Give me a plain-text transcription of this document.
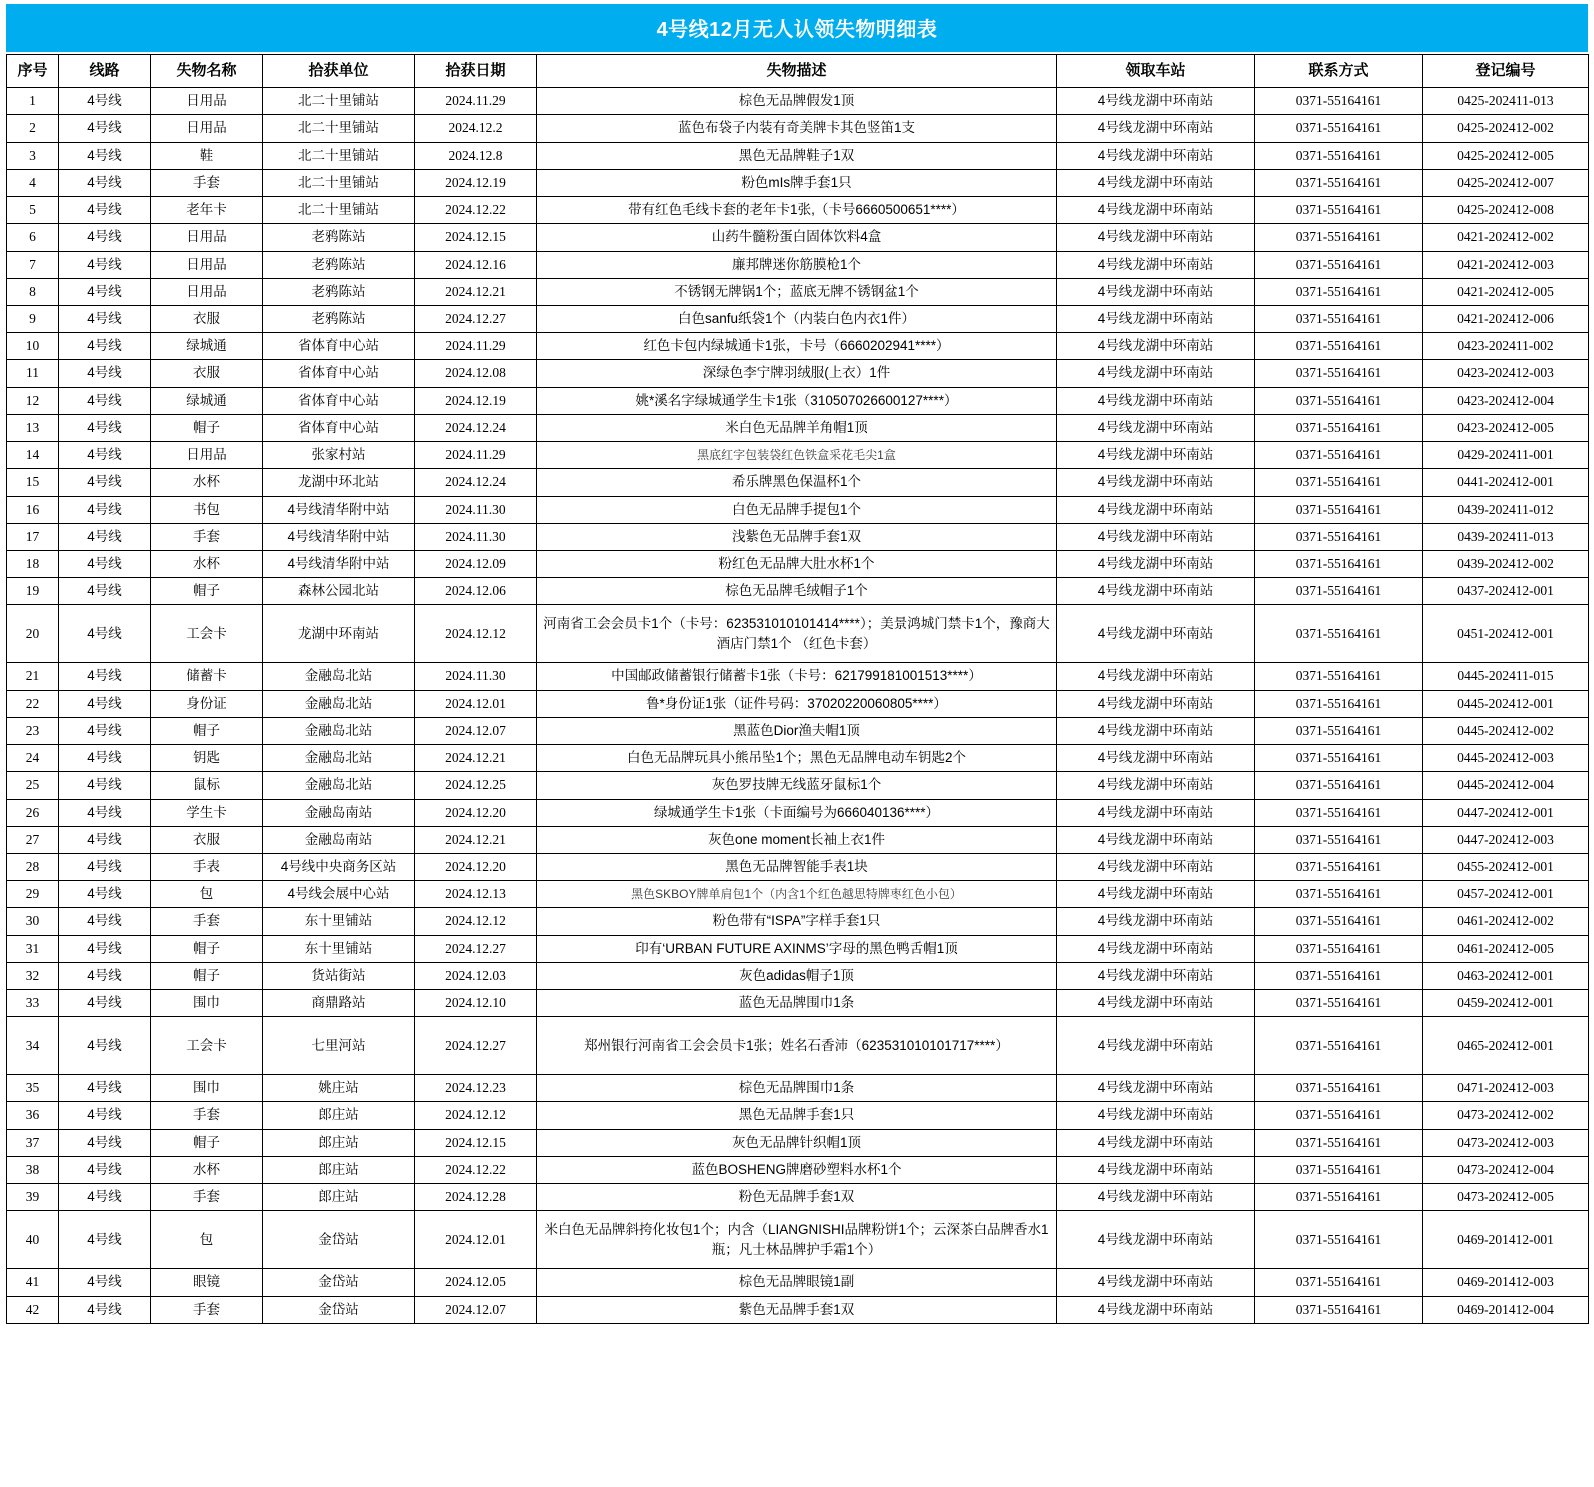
4号线12月无人认领失物明细表
序号	线路	失物名称	拾获单位	拾获日期	失物描述	领取车站	联系方式	登记编号
1	4号线	日用品	北二十里铺站	2024.11.29	棕色无品牌假发1顶	4号线龙湖中环南站	0371-55164161	0425-202411-013
2	4号线	日用品	北二十里铺站	2024.12.2	蓝色布袋子内装有奇美牌卡其色竖笛1支	4号线龙湖中环南站	0371-55164161	0425-202412-002
3	4号线	鞋	北二十里铺站	2024.12.8	黑色无品牌鞋子1双	4号线龙湖中环南站	0371-55164161	0425-202412-005
4	4号线	手套	北二十里铺站	2024.12.19	粉色mIs牌手套1只	4号线龙湖中环南站	0371-55164161	0425-202412-007
5	4号线	老年卡	北二十里铺站	2024.12.22	带有红色毛线卡套的老年卡1张,（卡号6660500651****）	4号线龙湖中环南站	0371-55164161	0425-202412-008
6	4号线	日用品	老鸦陈站	2024.12.15	山药牛髓粉蛋白固体饮料4盒	4号线龙湖中环南站	0371-55164161	0421-202412-002
7	4号线	日用品	老鸦陈站	2024.12.16	廉邦牌迷你筋膜枪1个	4号线龙湖中环南站	0371-55164161	0421-202412-003
8	4号线	日用品	老鸦陈站	2024.12.21	不锈钢无牌锅1个；蓝底无牌不锈钢盆1个	4号线龙湖中环南站	0371-55164161	0421-202412-005
9	4号线	衣服	老鸦陈站	2024.12.27	白色sanfu纸袋1个（内装白色内衣1件）	4号线龙湖中环南站	0371-55164161	0421-202412-006
10	4号线	绿城通	省体育中心站	2024.11.29	红色卡包内绿城通卡1张，卡号（6660202941****）	4号线龙湖中环南站	0371-55164161	0423-202411-002
11	4号线	衣服	省体育中心站	2024.12.08	深绿色李宁牌羽绒服(上衣）1件	4号线龙湖中环南站	0371-55164161	0423-202412-003
12	4号线	绿城通	省体育中心站	2024.12.19	姚*溪名字绿城通学生卡1张（310507026600127****）	4号线龙湖中环南站	0371-55164161	0423-202412-004
13	4号线	帽子	省体育中心站	2024.12.24	米白色无品牌羊角帽1顶	4号线龙湖中环南站	0371-55164161	0423-202412-005
14	4号线	日用品	张家村站	2024.11.29	黑底红字包装袋红色铁盒采花毛尖1盒	4号线龙湖中环南站	0371-55164161	0429-202411-001
15	4号线	水杯	龙湖中环北站	2024.12.24	希乐牌黑色保温杯1个	4号线龙湖中环南站	0371-55164161	0441-202412-001
16	4号线	书包	4号线清华附中站	2024.11.30	白色无品牌手提包1个	4号线龙湖中环南站	0371-55164161	0439-202411-012
17	4号线	手套	4号线清华附中站	2024.11.30	浅紫色无品牌手套1双	4号线龙湖中环南站	0371-55164161	0439-202411-013
18	4号线	水杯	4号线清华附中站	2024.12.09	粉红色无品牌大肚水杯1个	4号线龙湖中环南站	0371-55164161	0439-202412-002
19	4号线	帽子	森林公园北站	2024.12.06	棕色无品牌毛绒帽子1个	4号线龙湖中环南站	0371-55164161	0437-202412-001
20	4号线	工会卡	龙湖中环南站	2024.12.12	河南省工会会员卡1个（卡号：623531010101414****）；美景鸿城门禁卡1个，豫商大酒店门禁1个 （红色卡套）	4号线龙湖中环南站	0371-55164161	0451-202412-001
21	4号线	储蓄卡	金融岛北站	2024.11.30	中国邮政储蓄银行储蓄卡1张（卡号：621799181001513****）	4号线龙湖中环南站	0371-55164161	0445-202411-015
22	4号线	身份证	金融岛北站	2024.12.01	鲁*身份证1张（证件号码：37020220060805****）	4号线龙湖中环南站	0371-55164161	0445-202412-001
23	4号线	帽子	金融岛北站	2024.12.07	黑蓝色Dior渔夫帽1顶	4号线龙湖中环南站	0371-55164161	0445-202412-002
24	4号线	钥匙	金融岛北站	2024.12.21	白色无品牌玩具小熊吊坠1个；黑色无品牌电动车钥匙2个	4号线龙湖中环南站	0371-55164161	0445-202412-003
25	4号线	鼠标	金融岛北站	2024.12.25	灰色罗技牌无线蓝牙鼠标1个	4号线龙湖中环南站	0371-55164161	0445-202412-004
26	4号线	学生卡	金融岛南站	2024.12.20	绿城通学生卡1张（卡面编号为666040136****）	4号线龙湖中环南站	0371-55164161	0447-202412-001
27	4号线	衣服	金融岛南站	2024.12.21	灰色one moment长袖上衣1件	4号线龙湖中环南站	0371-55164161	0447-202412-003
28	4号线	手表	4号线中央商务区站	2024.12.20	黑色无品牌智能手表1块	4号线龙湖中环南站	0371-55164161	0455-202412-001
29	4号线	包	4号线会展中心站	2024.12.13	黑色SKBOY牌单肩包1个（内含1个红色越思特牌枣红色小包）	4号线龙湖中环南站	0371-55164161	0457-202412-001
30	4号线	手套	东十里铺站	2024.12.12	粉色带有“ISPA”字样手套1只	4号线龙湖中环南站	0371-55164161	0461-202412-002
31	4号线	帽子	东十里铺站	2024.12.27	印有‘URBAN FUTURE AXINMS’字母的黑色鸭舌帽1顶	4号线龙湖中环南站	0371-55164161	0461-202412-005
32	4号线	帽子	货站街站	2024.12.03	灰色adidas帽子1顶	4号线龙湖中环南站	0371-55164161	0463-202412-001
33	4号线	围巾	商鼎路站	2024.12.10	蓝色无品牌围巾1条	4号线龙湖中环南站	0371-55164161	0459-202412-001
34	4号线	工会卡	七里河站	2024.12.27	郑州银行河南省工会会员卡1张；姓名石香沛（623531010101717****）	4号线龙湖中环南站	0371-55164161	0465-202412-001
35	4号线	围巾	姚庄站	2024.12.23	棕色无品牌围巾1条	4号线龙湖中环南站	0371-55164161	0471-202412-003
36	4号线	手套	郎庄站	2024.12.12	黑色无品牌手套1只	4号线龙湖中环南站	0371-55164161	0473-202412-002
37	4号线	帽子	郎庄站	2024.12.15	灰色无品牌针织帽1顶	4号线龙湖中环南站	0371-55164161	0473-202412-003
38	4号线	水杯	郎庄站	2024.12.22	蓝色BOSHENG牌磨砂塑料水杯1个	4号线龙湖中环南站	0371-55164161	0473-202412-004
39	4号线	手套	郎庄站	2024.12.28	粉色无品牌手套1双	4号线龙湖中环南站	0371-55164161	0473-202412-005
40	4号线	包	金岱站	2024.12.01	米白色无品牌斜挎化妆包1个；内含（LIANGNISHI品牌粉饼1个；云深茶白品牌香水1瓶；凡士林品牌护手霜1个）	4号线龙湖中环南站	0371-55164161	0469-201412-001
41	4号线	眼镜	金岱站	2024.12.05	棕色无品牌眼镜1副	4号线龙湖中环南站	0371-55164161	0469-201412-003
42	4号线	手套	金岱站	2024.12.07	紫色无品牌手套1双	4号线龙湖中环南站	0371-55164161	0469-201412-004
